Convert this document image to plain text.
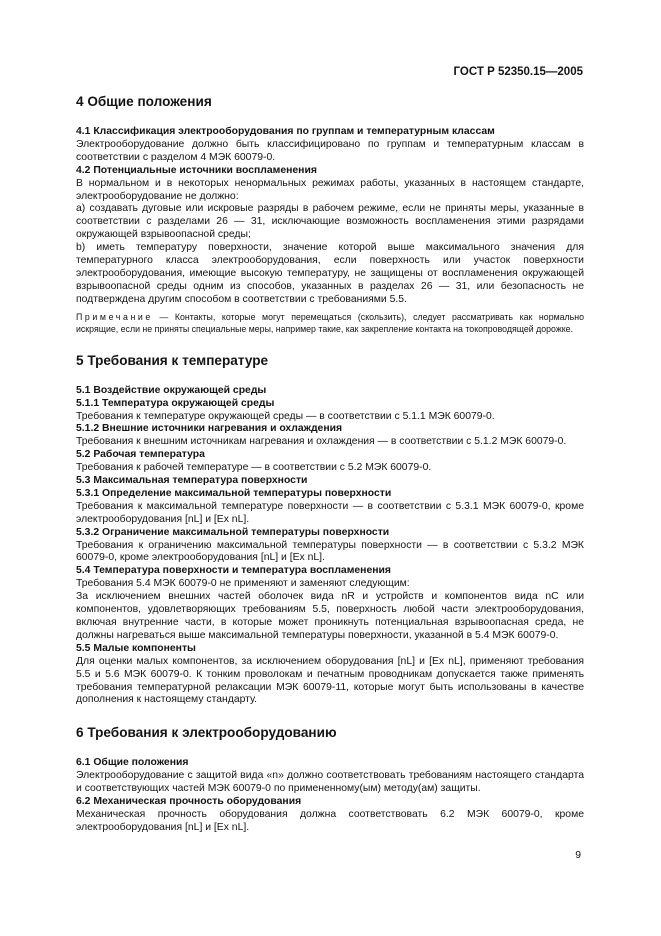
ГОСТ Р 52350.15—2005
4 Общие положения
4.1 Классификация электрооборудования по группам и температурным классам

Электрооборудование должно быть классифицировано по группам и температурным классам в соответствии с разделом 4 МЭК 60079-0.

4.2 Потенциальные источники воспламенения

В нормальном и в некоторых ненормальных режимах работы, указанных в настоящем стандарте, электрооборудование не должно:

а) создавать дуговые или искровые разряды в рабочем режиме, если не приняты меры, указанные в соответствии с разделами 26 — 31, исключающие возможность воспламенения этими разрядами окружающей взрывоопасной среды;

b) иметь температуру поверхности, значение которой выше максимального значения для температурного класса электрооборудования, если поверхность или участок поверхности электрооборудования, имеющие высокую температуру, не защищены от воспламенения окружающей взрывоопасной среды одним из способов, указанных в разделах 26 — 31, или безопасность не подтверждена другим способом в соответствии с требованиями 5.5.

Примечание — Контакты, которые могут перемещаться (скользить), следует рассматривать как нормально искрящие, если не приняты специальные меры, например такие, как закрепление контакта на токопроводящей дорожке.

5 Требования к температуре
5.1 Воздействие окружающей среды
5.1.1 Температура окружающей среды

Требования к температуре окружающей среды — в соответствии с 5.1.1 МЭК 60079-0.

5.1.2 Внешние источники нагревания и охлаждения

Требования к внешним источникам нагревания и охлаждения — в соответствии с 5.1.2 МЭК 60079-0.

5.2 Рабочая температура

Требования к рабочей температуре — в соответствии с 5.2 МЭК 60079-0.

5.3 Максимальная температура поверхности
5.3.1 Определение максимальной температуры поверхности

Требования к максимальной температуре поверхности — в соответствии с 5.3.1 МЭК 60079-0, кроме электрооборудования [nL] и [Ex nL].

5.3.2 Ограничение максимальной температуры поверхности

Требования к ограничению максимальной температуры поверхности — в соответствии с 5.3.2 МЭК 60079-0, кроме электрооборудования [nL] и [Ex nL].

5.4 Температура поверхности и температура воспламенения

Требования 5.4 МЭК 60079-0 не применяют и заменяют следующим:

За исключением внешних частей оболочек вида nR и устройств и компонентов вида nC или компонентов, удовлетворяющих требованиям 5.5, поверхность любой части электрооборудования, включая внутренние части, в которые может проникнуть потенциальная взрывоопасная среда, не должны нагреваться выше максимальной температуры поверхности, указанной в 5.4 МЭК 60079-0.

5.5 Малые компоненты

Для оценки малых компонентов, за исключением оборудования [nL] и [Ex nL], применяют требования 5.5 и 5.6 МЭК 60079-0. К тонким проволокам и печатным проводникам допускается также применять требования температурной релаксации МЭК 60079-11, которые могут быть использованы в качестве дополнения к настоящему стандарту.

6 Требования к электрооборудованию
6.1 Общие положения

Электрооборудование с защитой вида «n» должно соответствовать требованиям настоящего стандарта и соответствующих частей МЭК 60079-0 по примененному(ым) методу(ам) защиты.

6.2 Механическая прочность оборудования

Механическая прочность оборудования должна соответствовать 6.2 МЭК 60079-0, кроме электрооборудования [nL] и [Ex nL].

9
